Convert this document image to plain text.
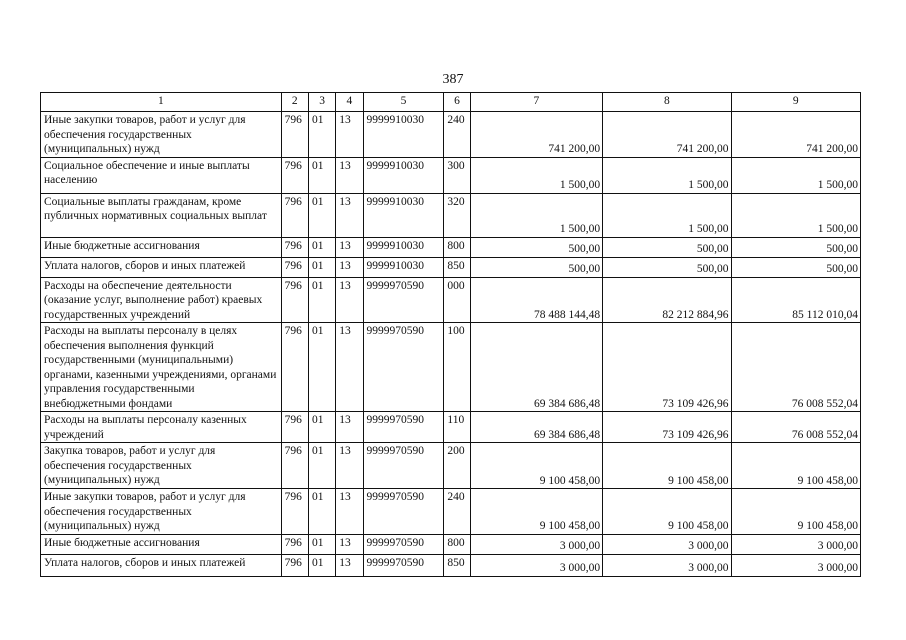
387
1	2	3	4	5	6	7	8	9
Иные закупки товаров, работ и услуг для обеспечения государственных (муниципальных) нужд	796	01	13	9999910030	240	741 200,00	741 200,00	741 200,00
Социальное обеспечение и иные выплаты населению	796	01	13	9999910030	300	1 500,00	1 500,00	1 500,00
Социальные выплаты гражданам, кроме публичных нормативных социальных выплат	796	01	13	9999910030	320	1 500,00	1 500,00	1 500,00
Иные бюджетные ассигнования	796	01	13	9999910030	800	500,00	500,00	500,00
Уплата налогов, сборов и иных платежей	796	01	13	9999910030	850	500,00	500,00	500,00
Расходы на обеспечение деятельности (оказание услуг, выполнение работ) краевых государственных учреждений	796	01	13	9999970590	000	78 488 144,48	82 212 884,96	85 112 010,04
Расходы на выплаты персоналу в целях обеспечения выполнения функций государственными (муниципальными) органами, казенными учреждениями, органами управления государственными внебюджетными фондами	796	01	13	9999970590	100	69 384 686,48	73 109 426,96	76 008 552,04
Расходы на выплаты персоналу казенных учреждений	796	01	13	9999970590	110	69 384 686,48	73 109 426,96	76 008 552,04
Закупка товаров, работ и услуг для обеспечения государственных (муниципальных) нужд	796	01	13	9999970590	200	9 100 458,00	9 100 458,00	9 100 458,00
Иные закупки товаров, работ и услуг для обеспечения государственных (муниципальных) нужд	796	01	13	9999970590	240	9 100 458,00	9 100 458,00	9 100 458,00
Иные бюджетные ассигнования	796	01	13	9999970590	800	3 000,00	3 000,00	3 000,00
Уплата налогов, сборов и иных платежей	796	01	13	9999970590	850	3 000,00	3 000,00	3 000,00
